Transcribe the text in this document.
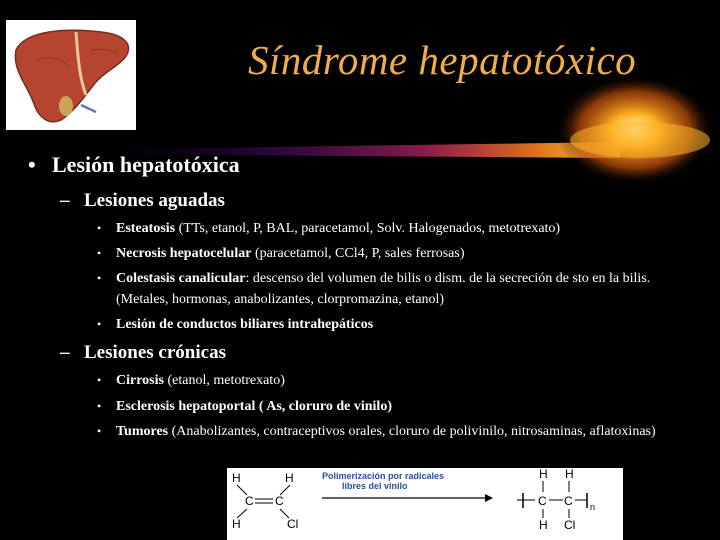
Síndrome hepatotóxico
• Lesión hepatotóxica
– Lesiones aguadas
• Esteatosis (TTs, etanol, P, BAL, paracetamol, Solv. Halogenados, metotrexato)
• Necrosis hepatocelular (paracetamol, CCl4, P, sales ferrosas)
• Colestasis canalicular: descenso del volumen de bilis o dism. de la secreción de sto en la bilis. (Metales, hormonas, anabolizantes, clorpromazina, etanol)
• Lesión de conductos biliares intrahepáticos
– Lesiones crónicas
• Cirrosis (etanol, metotrexato)
• Esclerosis hepatoportal ( As, cloruro de vinilo)
• Tumores (Anabolizantes, contraceptivos orales, cloruro de polivinilo, nitrosaminas, aflatoxinas)
H	H
C C
H	Cl
Polimerización por radicales
libres del vinilo
H H
C C n
H Cl
